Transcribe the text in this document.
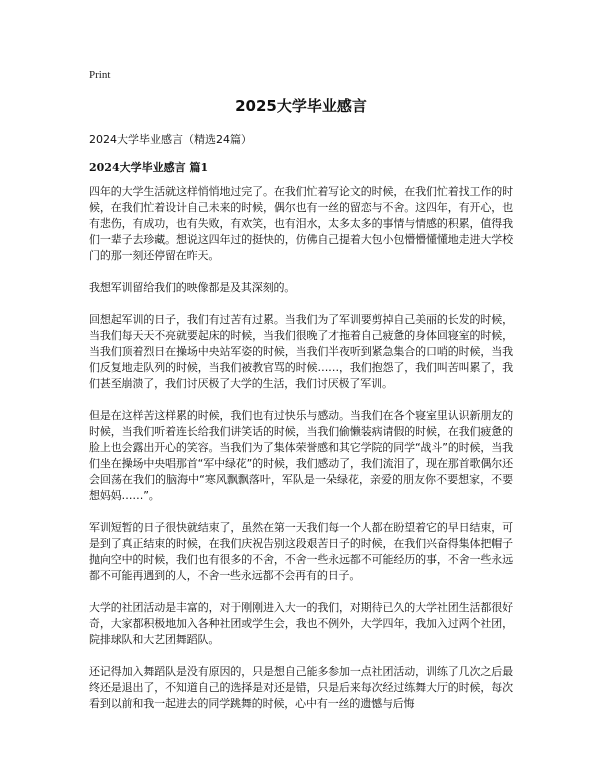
Print
2025大学毕业感言

2024大学毕业感言（精选24篇）

2024大学毕业感言 篇1

四年的大学生活就这样悄悄地过完了。在我们忙着写论文的时候，在我们忙着找工作的时候，在我们忙着设计自己未来的时候，偶尔也有一丝的留恋与不舍。这四年，有开心，也有悲伤，有成功，也有失败，有欢笑，也有泪水，太多太多的事情与情感的积累，值得我们一辈子去珍藏。想说这四年过的挺快的，仿佛自己提着大包小包懵懵懂懂地走进大学校门的那一刻还停留在昨天。

我想军训留给我们的映像都是及其深刻的。

回想起军训的日子，我们有过苦有过累。当我们为了军训要剪掉自己美丽的长发的时候，当我们每天天不亮就要起床的时候，当我们很晚了才拖着自己疲惫的身体回寝室的时候，当我们顶着烈日在操场中央站军姿的时候，当我们半夜听到紧急集合的口哨的时候，当我们反复地走队列的时候，当我们被教官骂的时候……，我们抱怨了，我们叫苦叫累了，我们甚至崩溃了，我们讨厌极了大学的生活，我们讨厌极了军训。

但是在这样苦这样累的时候，我们也有过快乐与感动。当我们在各个寝室里认识新朋友的时候，当我们听着连长给我们讲笑话的时候，当我们偷懒装病请假的时候，在我们疲惫的脸上也会露出开心的笑容。当我们为了集体荣誉感和其它学院的同学“战斗”的时候，当我们坐在操场中央唱那首“军中绿花”的时候，我们感动了，我们流泪了，现在那首歌偶尔还会回荡在我们的脑海中“寒风飘飘落叶，军队是一朵绿花，亲爱的朋友你不要想家，不要想妈妈……”。

军训短暂的日子很快就结束了，虽然在第一天我们每一个人都在盼望着它的早日结束，可是到了真正结束的时候，在我们庆祝告别这段艰苦日子的时候，在我们兴奋得集体把帽子抛向空中的时候，我们也有很多的不舍，不舍一些永远都不可能经历的事，不舍一些永远都不可能再遇到的人，不舍一些永远都不会再有的日子。

大学的社团活动是丰富的，对于刚刚进入大一的我们，对期待已久的大学社团生活都很好奇，大家都积极地加入各种社团或学生会，我也不例外，大学四年，我加入过两个社团，院排球队和大艺团舞蹈队。

还记得加入舞蹈队是没有原因的，只是想自己能多参加一点社团活动，训练了几次之后最终还是退出了，不知道自己的选择是对还是错，只是后来每次经过练舞大厅的时候，每次看到以前和我一起进去的同学跳舞的时候，心中有一丝的遗憾与后悔
